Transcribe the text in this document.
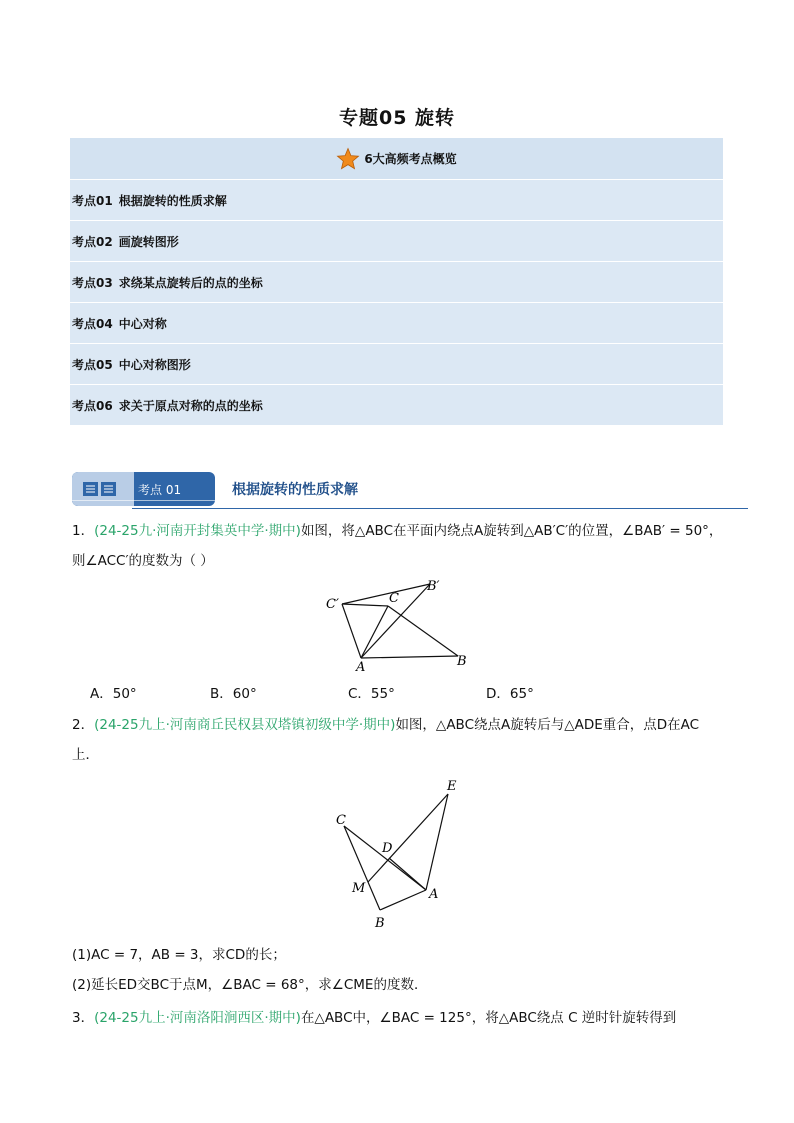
专题05 旋转
6大高频考点概览
考点01 根据旋转的性质求解
考点02 画旋转图形
考点03 求绕某点旋转后的点的坐标
考点04 中心对称
考点05 中心对称图形
考点06 求关于原点对称的点的坐标
考点 01	根据旋转的性质求解
1．(24-25九·河南开封集英中学·期中)如图，将△ABC在平面内绕点A旋转到△AB′C′的位置，∠BAB′ = 50°，
则∠ACC′的度数为（ ）
C′	C
B′
A	B
A．50°	B．60°	C．55°	D．65°
2．(24-25九上·河南商丘民权县双塔镇初级中学·期中)如图，△ABC绕点A旋转后与△ADE重合，点D在AC
上．
E
C
D
M	A
B
(1)AC = 7，AB = 3，求CD的长；
(2)延长ED交BC于点M，∠BAC = 68°，求∠CME的度数．
3．(24-25九上·河南洛阳涧西区·期中)在△ABC中，∠BAC = 125°，将△ABC绕点 C 逆时针旋转得到
